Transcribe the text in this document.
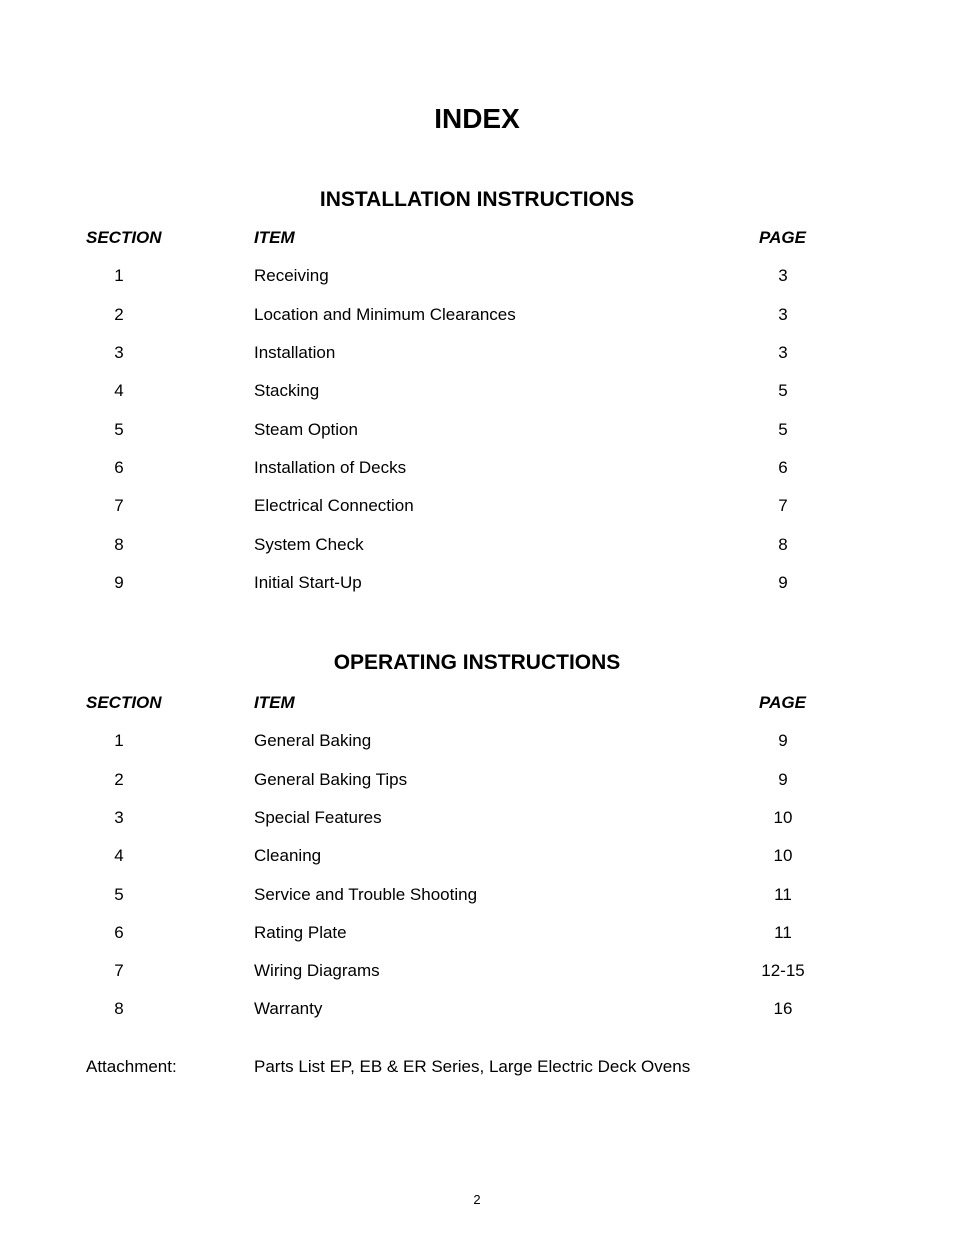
INDEX
INSTALLATION INSTRUCTIONS
SECTION	ITEM	PAGE
1	Receiving	3
2	Location and Minimum Clearances	3
3	Installation	3
4	Stacking	5
5	Steam Option	5
6	Installation of Decks	6
7	Electrical Connection	7
8	System Check	8
9	Initial Start-Up	9
OPERATING INSTRUCTIONS
SECTION	ITEM	PAGE
1	General Baking	9
2	General Baking Tips	9
3	Special Features	10
4	Cleaning	10
5	Service and Trouble Shooting	11
6	Rating Plate	11
7	Wiring Diagrams	12-15
8	Warranty	16
Attachment:	Parts List EP, EB & ER Series, Large Electric Deck Ovens
2
